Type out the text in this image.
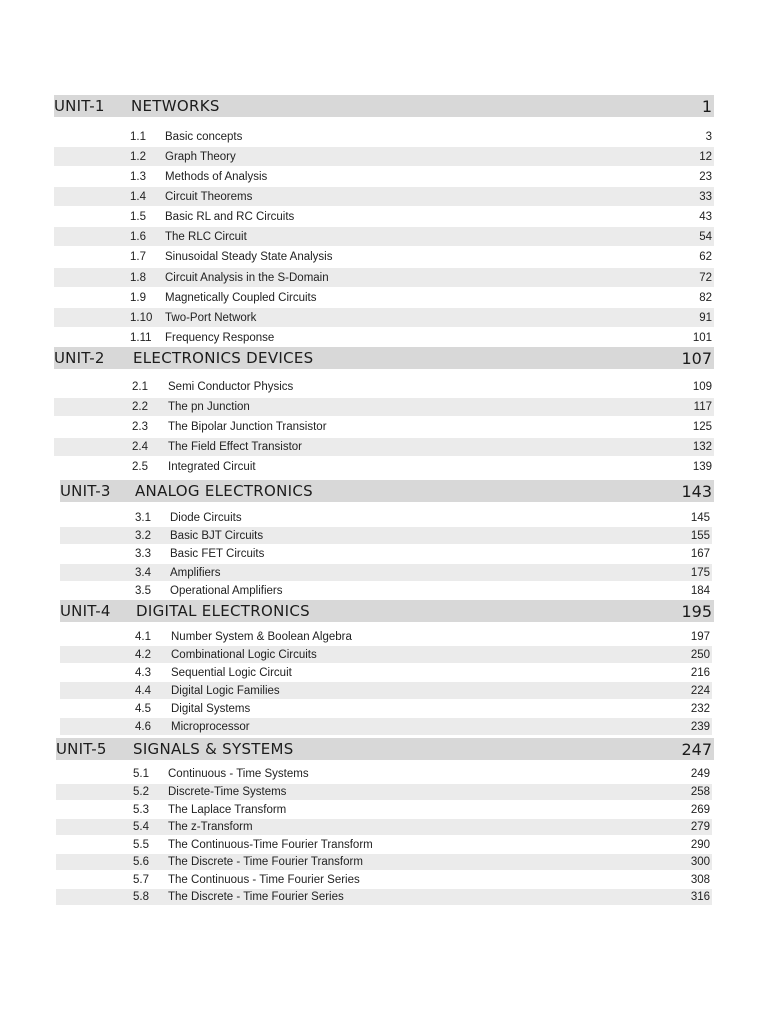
UNIT-1 NETWORKS	1
1.1 Basic concepts	3
1.2 Graph Theory	12
1.3 Methods of Analysis	23
1.4 Circuit Theorems	33
1.5 Basic RL and RC Circuits	43
1.6 The RLC Circuit	54
1.7 Sinusoidal Steady State Analysis	62
1.8 Circuit Analysis in the S-Domain	72
1.9 Magnetically Coupled Circuits	82
1.10 Two-Port Network	91
1.11 Frequency Response	101
UNIT-2 ELECTRONICS DEVICES	107
2.1 Semi Conductor Physics	109
2.2 The pn Junction	117
2.3 The Bipolar Junction Transistor	125
2.4 The Field Effect Transistor	132
2.5 Integrated Circuit	139
UNIT-3 ANALOG ELECTRONICS	143
3.1 Diode Circuits	145
3.2 Basic BJT Circuits	155
3.3 Basic FET Circuits	167
3.4 Amplifiers	175
3.5 Operational Amplifiers	184
UNIT-4 DIGITAL ELECTRONICS	195
4.1 Number System & Boolean Algebra	197
4.2 Combinational Logic Circuits	250
4.3 Sequential Logic Circuit	216
4.4 Digital Logic Families	224
4.5 Digital Systems	232
4.6 Microprocessor	239
UNIT-5 SIGNALS & SYSTEMS	247
5.1 Continuous - Time Systems	249
5.2 Discrete-Time Systems	258
5.3 The Laplace Transform	269
5.4 The z-Transform	279
5.5 The Continuous-Time Fourier Transform	290
5.6 The Discrete - Time Fourier Transform	300
5.7 The Continuous - Time Fourier Series	308
5.8 The Discrete - Time Fourier Series	316
